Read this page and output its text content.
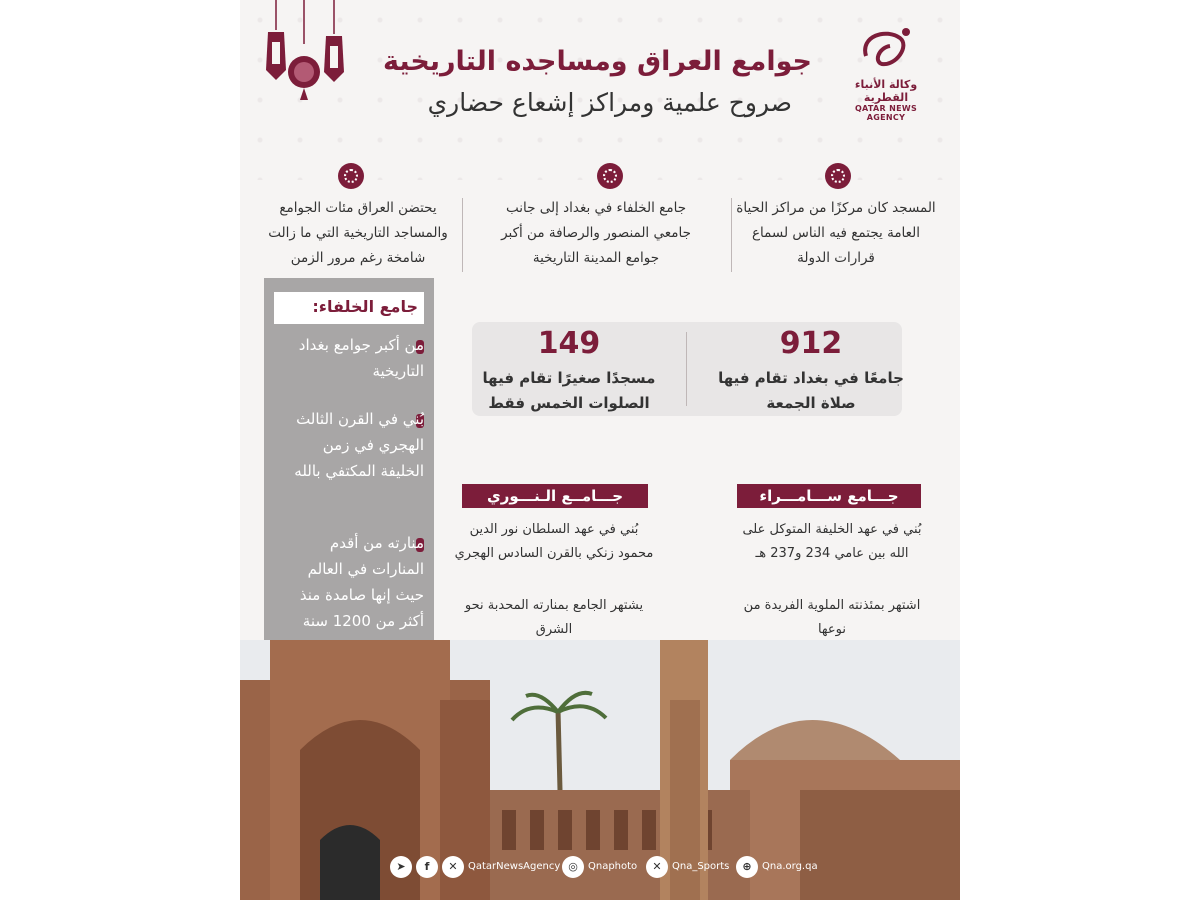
وكالة الأنباء القطرية
QATAR NEWS AGENCY
جوامع العراق ومساجده التاريخية
صروح علمية ومراكز إشعاع حضاري
المسجد كان مركزًا من مراكز الحياة العامة يجتمع فيه الناس لسماع قرارات الدولة
جامع الخلفاء في بغداد إلى جانب جامعي المنصور والرصافة من أكبر جوامع المدينة التاريخية
يحتضن العراق مئات الجوامع والمساجد التاريخية التي ما زالت شامخة رغم مرور الزمن
جامع الخلفاء:
من أكبر جوامع بغداد التاريخية
بُني في القرن الثالث الهجري في زمن الخليفة المكتفي بالله
منارته من أقدم المنارات في العالم حيث إنها صامدة منذ أكثر من 1200 سنة
912
جامعًا في بغداد تقام فيها صلاة الجمعة
149
مسجدًا صغيرًا تقام فيها الصلوات الخمس فقط
جـــامع ســـامـــراء
بُني في عهد الخليفة المتوكل على الله بين عامي 234 و237 هـ
اشتهر بمئذنته الملوية الفريدة من نوعها
جـــامــع الـنـــوري
بُني في عهد السلطان نور الدين محمود زنكي بالقرن السادس الهجري
يشتهر الجامع بمنارته المحدبة نحو الشرق
➤	f	✕	QatarNewsAgency ◎	Qnaphoto	✕	Qna_Sports	⊕	Qna.org.qa
